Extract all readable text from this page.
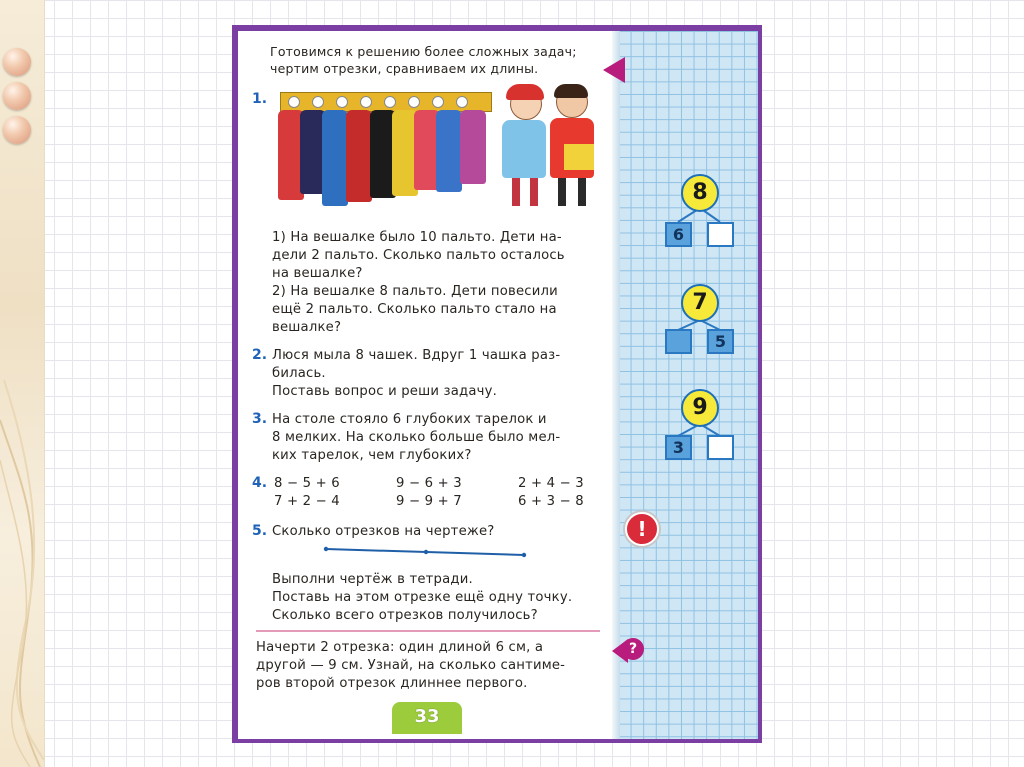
Готовимся к решению более сложных задач;
чертим отрезки, сравниваем их длины.
1.
1) На вешалке было 10 пальто. Дети на-
дели 2 пальто. Сколько пальто осталось
на вешалке?
2) На вешалке 8 пальто. Дети повесили
ещё 2 пальто. Сколько пальто стало на
вешалке?
2. Люся мыла 8 чашек. Вдруг 1 чашка раз-
билась.
Поставь вопрос и реши задачу.
3. На столе стояло 6 глубоких тарелок и
8 мелких. На сколько больше было мел-
ких тарелок, чем глубоких?
4. 8 − 5 + 6	9 − 6 + 3	2 + 4 − 3
7 + 2 − 4	9 − 9 + 7	6 + 3 − 8
5. Сколько отрезков на чертеже?
Выполни чертёж в тетради.
Поставь на этом отрезке ещё одну точку.
Сколько всего отрезков получилось?
Начерти 2 отрезка: один длиной 6 см, а
другой — 9 см. Узнай, на сколько сантиме-
ров второй отрезок длиннее первого.
33
8
6
7
5
9
3
!
?
